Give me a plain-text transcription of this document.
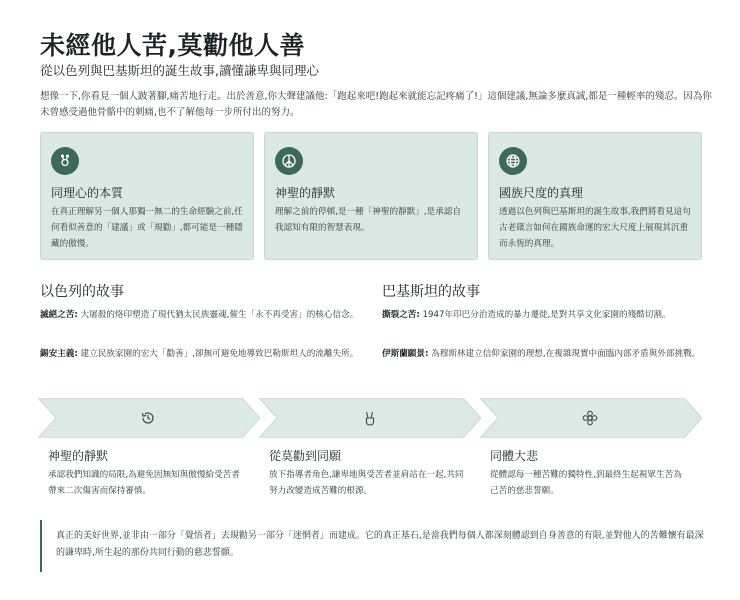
未經他人苦,莫勸他人善
從以色列與巴基斯坦的誕生故事,讀懂謙卑與同理心

想像一下,你看見一個人跛著腳,痛苦地行走。出於善意,你大聲建議他:「跑起來吧!跑起來就能忘記疼痛了!」這個建議,無論多麼真誠,都是一種輕率的殘忍。因為你未曾感受過他骨骼中的刺痛,也不了解他每一步所付出的努力。

同理心的本質
在真正理解另一個人那獨一無二的生命經驗之前,任何看似善意的「建議」或「規勸」,都可能是一種隱藏的傲慢。
神聖的靜默
理解之前的停頓,是一種「神聖的靜默」,是承認自我認知有限的智慧表現。
國族尺度的真理
透過以色列與巴基斯坦的誕生故事,我們將看見這句古老箴言如何在國族命運的宏大尺度上展現其沉重而永恆的真理。
以色列的故事
滅絕之苦: 大屠殺的烙印塑造了現代猶太民族靈魂,催生「永不再受害」的核心信念。
錫安主義: 建立民族家園的宏大「勸善」,卻無可避免地導致巴勒斯坦人的流離失所。
巴基斯坦的故事
撕裂之苦: 1947年印巴分治造成的暴力遷徙,是對共享文化家園的殘酷切割。
伊斯蘭願景: 為穆斯林建立信仰家園的理想,在複雜現實中面臨內部矛盾與外部挑戰。
神聖的靜默
承認我們知識的局限,為避免因無知與傲慢給受苦者帶來二次傷害而保持審慎。
從莫勸到同願
放下指導者角色,謙卑地與受苦者並肩站在一起,共同努力改變造成苦難的根源。
同體大悲
從體認每一種苦難的獨特性,到最終生起視眾生苦為己苦的慈悲誓願。

真正的美好世界,並非由一部分「覺悟者」去規勸另一部分「迷惘者」而建成。它的真正基石,是當我們每個人都深刻體認到自身善意的有限,並對他人的苦難懷有最深的謙卑時,所生起的那份共同行動的慈悲誓願。
